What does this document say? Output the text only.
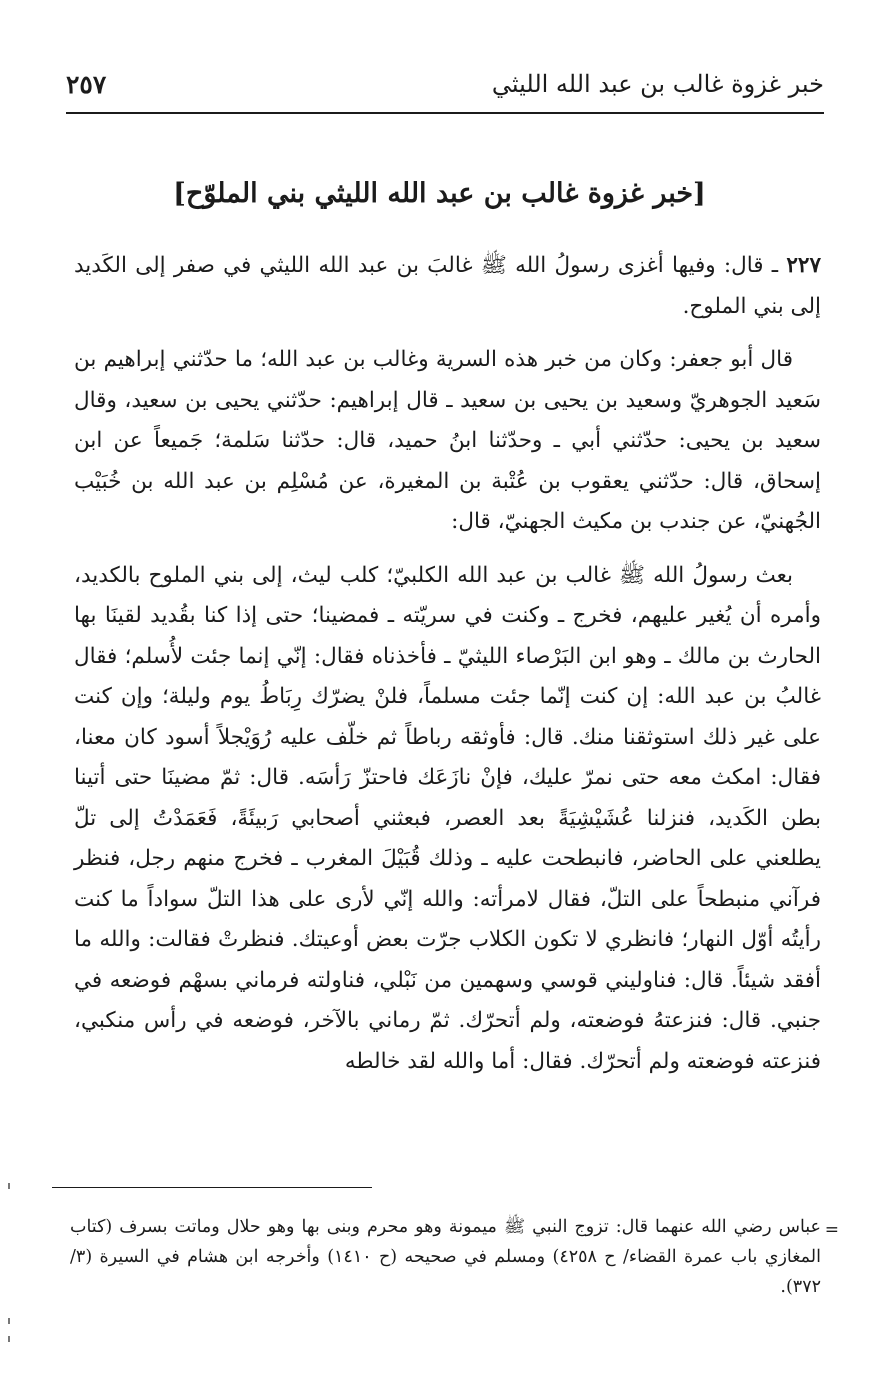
خبر غزوة غالب بن عبد الله الليثي
٢٥٧
[خبر غزوة غالب بن عبد الله الليثي بني الملوّح]

٢٢٧ ـ قال: وفيها أغزى رسولُ الله ﷺ غالبَ بن عبد الله الليثي في صفر إلى الكَديد إلى بني الملوح.

قال أبو جعفر: وكان من خبر هذه السرية وغالب بن عبد الله؛ ما حدّثني إبراهيم بن سَعيد الجوهريّ وسعيد بن يحيى بن سعيد ـ قال إبراهيم: حدّثني يحيى بن سعيد، وقال سعيد بن يحيى: حدّثني أبي ـ وحدّثنا ابنُ حميد، قال: حدّثنا سَلمة؛ جَميعاً عن ابن إسحاق، قال: حدّثني يعقوب بن عُتْبة بن المغيرة، عن مُسْلِم بن عبد الله بن خُبَيْب الجُهنيّ، عن جندب بن مكيث الجهنيّ، قال:

بعث رسولُ الله ﷺ غالب بن عبد الله الكلبيّ؛ كلب ليث، إلى بني الملوح بالكديد، وأمره أن يُغير عليهم، فخرج ـ وكنت في سريّته ـ فمضينا؛ حتى إذا كنا بقُديد لقينَا بها الحارث بن مالك ـ وهو ابن البَرْصاء الليثيّ ـ فأخذناه فقال: إنّي إنما جئت لأُسلم؛ فقال غالبُ بن عبد الله: إن كنت إنّما جئت مسلماً، فلنْ يضرّك رِبَاطُ يوم وليلة؛ وإن كنت على غير ذلك استوثقنا منك. قال: فأوثقه رباطاً ثم خلّف عليه رُوَيْجلاً أسود كان معنا، فقال: امكث معه حتى نمرّ عليك، فإنْ نازَعَك فاحتزّ رَأسَه. قال: ثمّ مضينَا حتى أتينا بطن الكَديد، فنزلنا عُشَيْشِيَةً بعد العصر، فبعثني أصحابي رَبيئَةً، فَعَمَدْتُ إلى تلّ يطلعني على الحاضر، فانبطحت عليه ـ وذلك قُبَيْلَ المغرب ـ فخرج منهم رجل، فنظر فرآني منبطحاً على التلّ، فقال لامرأته: والله إنّي لأرى على هذا التلّ سواداً ما كنت رأيتُه أوّل النهار؛ فانظري لا تكون الكلاب جرّت بعض أوعيتك. فنظرتْ فقالت: والله ما أفقد شيئاً. قال: فناوليني قوسي وسهمين من نَبْلي، فناولته فرماني بسهْم فوضعه في جنبي. قال: فنزعتهُ فوضعته، ولم أتحرّك. ثمّ رماني بالآخر، فوضعه في رأس منكبي، فنزعته فوضعته ولم أتحرّك. فقال: أما والله لقد خالطه

=
عباس رضي الله عنهما قال: تزوج النبي ﷺ ميمونة وهو محرم وبنى بها وهو حلال وماتت بسرف (كتاب المغازي باب عمرة القضاء/ ح ٤٢٥٨) ومسلم في صحيحه (ح ١٤١٠) وأخرجه ابن هشام في السيرة (٣/ ٣٧٢).
